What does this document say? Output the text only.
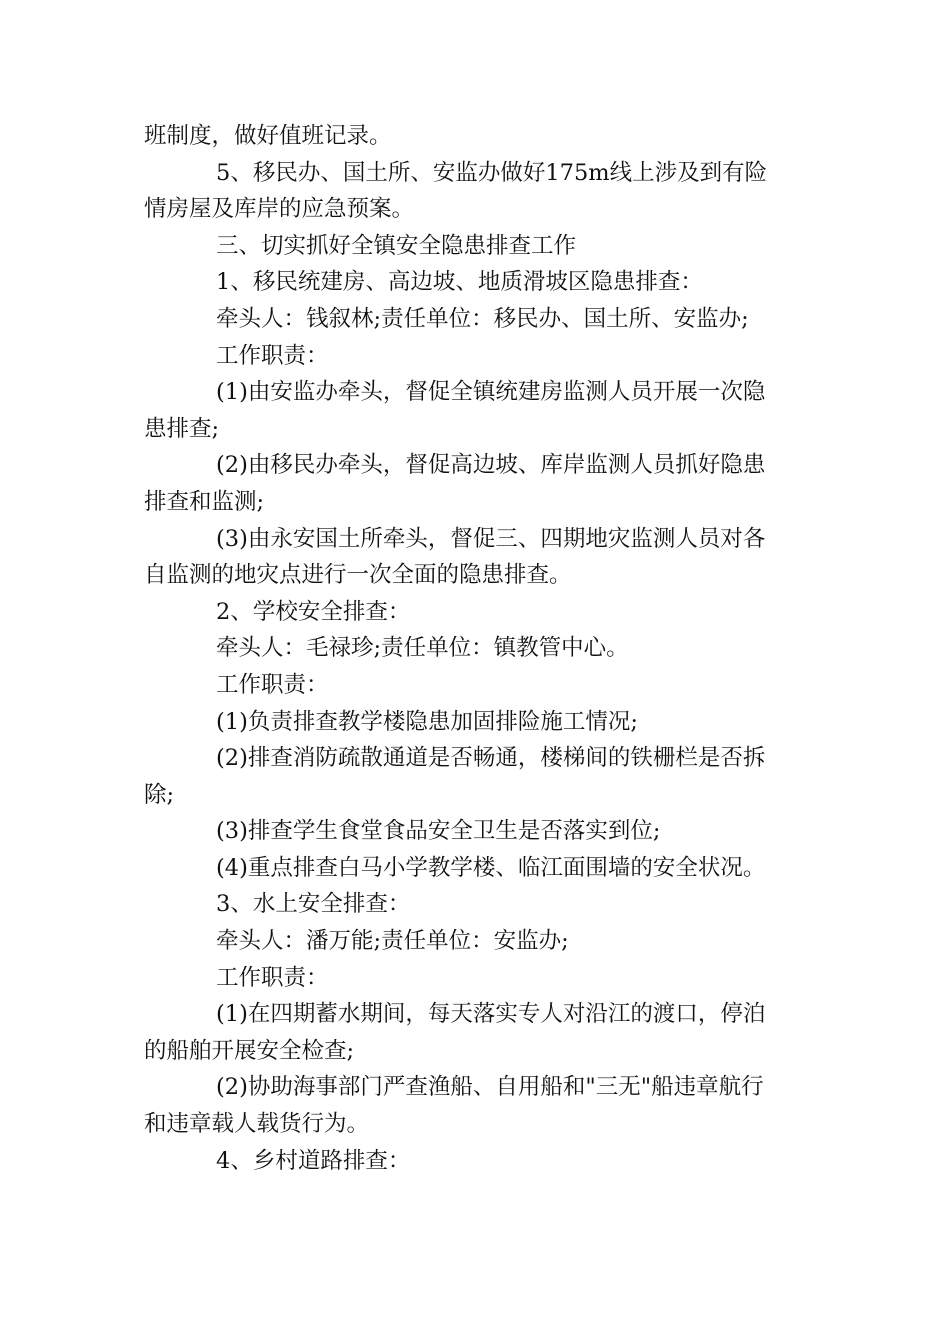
班制度，做好值班记录。
5、移民办、国土所、安监办做好175m线上涉及到有险
情房屋及库岸的应急预案。
三、切实抓好全镇安全隐患排查工作
1、移民统建房、高边坡、地质滑坡区隐患排查：
牵头人：钱叙林;责任单位：移民办、国土所、安监办;
工作职责：
(1)由安监办牵头，督促全镇统建房监测人员开展一次隐
患排查;
(2)由移民办牵头，督促高边坡、库岸监测人员抓好隐患
排查和监测;
(3)由永安国土所牵头，督促三、四期地灾监测人员对各
自监测的地灾点进行一次全面的隐患排查。
2、学校安全排查：
牵头人：毛禄珍;责任单位：镇教管中心。
工作职责：
(1)负责排查教学楼隐患加固排险施工情况;
(2)排查消防疏散通道是否畅通，楼梯间的铁栅栏是否拆
除;
(3)排查学生食堂食品安全卫生是否落实到位;
(4)重点排查白马小学教学楼、临江面围墙的安全状况。
3、水上安全排查：
牵头人：潘万能;责任单位：安监办;
工作职责：
(1)在四期蓄水期间，每天落实专人对沿江的渡口，停泊
的船舶开展安全检查;
(2)协助海事部门严查渔船、自用船和"三无"船违章航行
和违章载人载货行为。
4、乡村道路排查：
